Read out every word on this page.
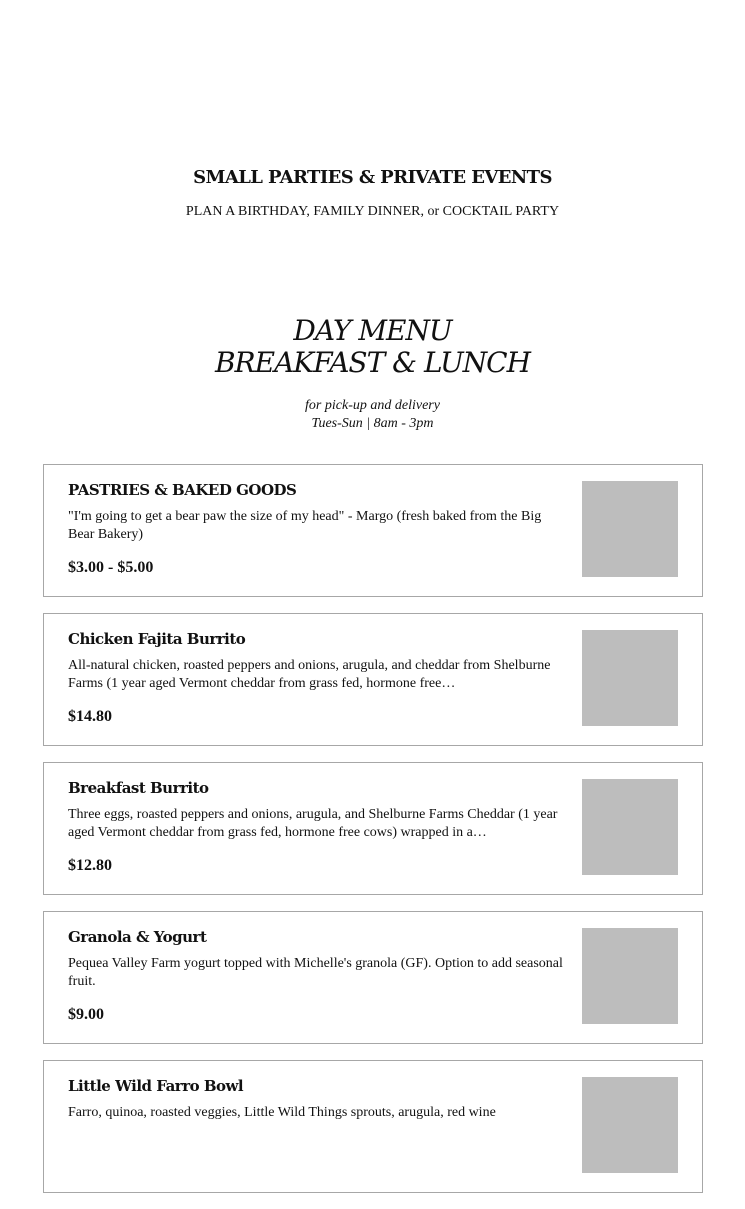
SMALL PARTIES & PRIVATE EVENTS

PLAN A BIRTHDAY, FAMILY DINNER, or COCKTAIL PARTY

DAY MENU
BREAKFAST & LUNCH

for pick-up and delivery

Tues-Sun | 8am - 3pm

PASTRIES & BAKED GOODS

"I'm going to get a bear paw the size of my head" - Margo (fresh baked from the Big Bear Bakery)

$3.00 - $5.00
Chicken Fajita Burrito

All-natural chicken, roasted peppers and onions, arugula, and cheddar from Shelburne Farms (1 year aged Vermont cheddar from grass fed, hormone free…

$14.80
Breakfast Burrito

Three eggs, roasted peppers and onions, arugula, and Shelburne Farms Cheddar (1 year aged Vermont cheddar from grass fed, hormone free cows) wrapped in a…

$12.80
Granola & Yogurt

Pequea Valley Farm yogurt topped with Michelle's granola (GF). Option to add seasonal fruit.

$9.00
Little Wild Farro Bowl

Farro, quinoa, roasted veggies, Little Wild Things sprouts, arugula, red wine
